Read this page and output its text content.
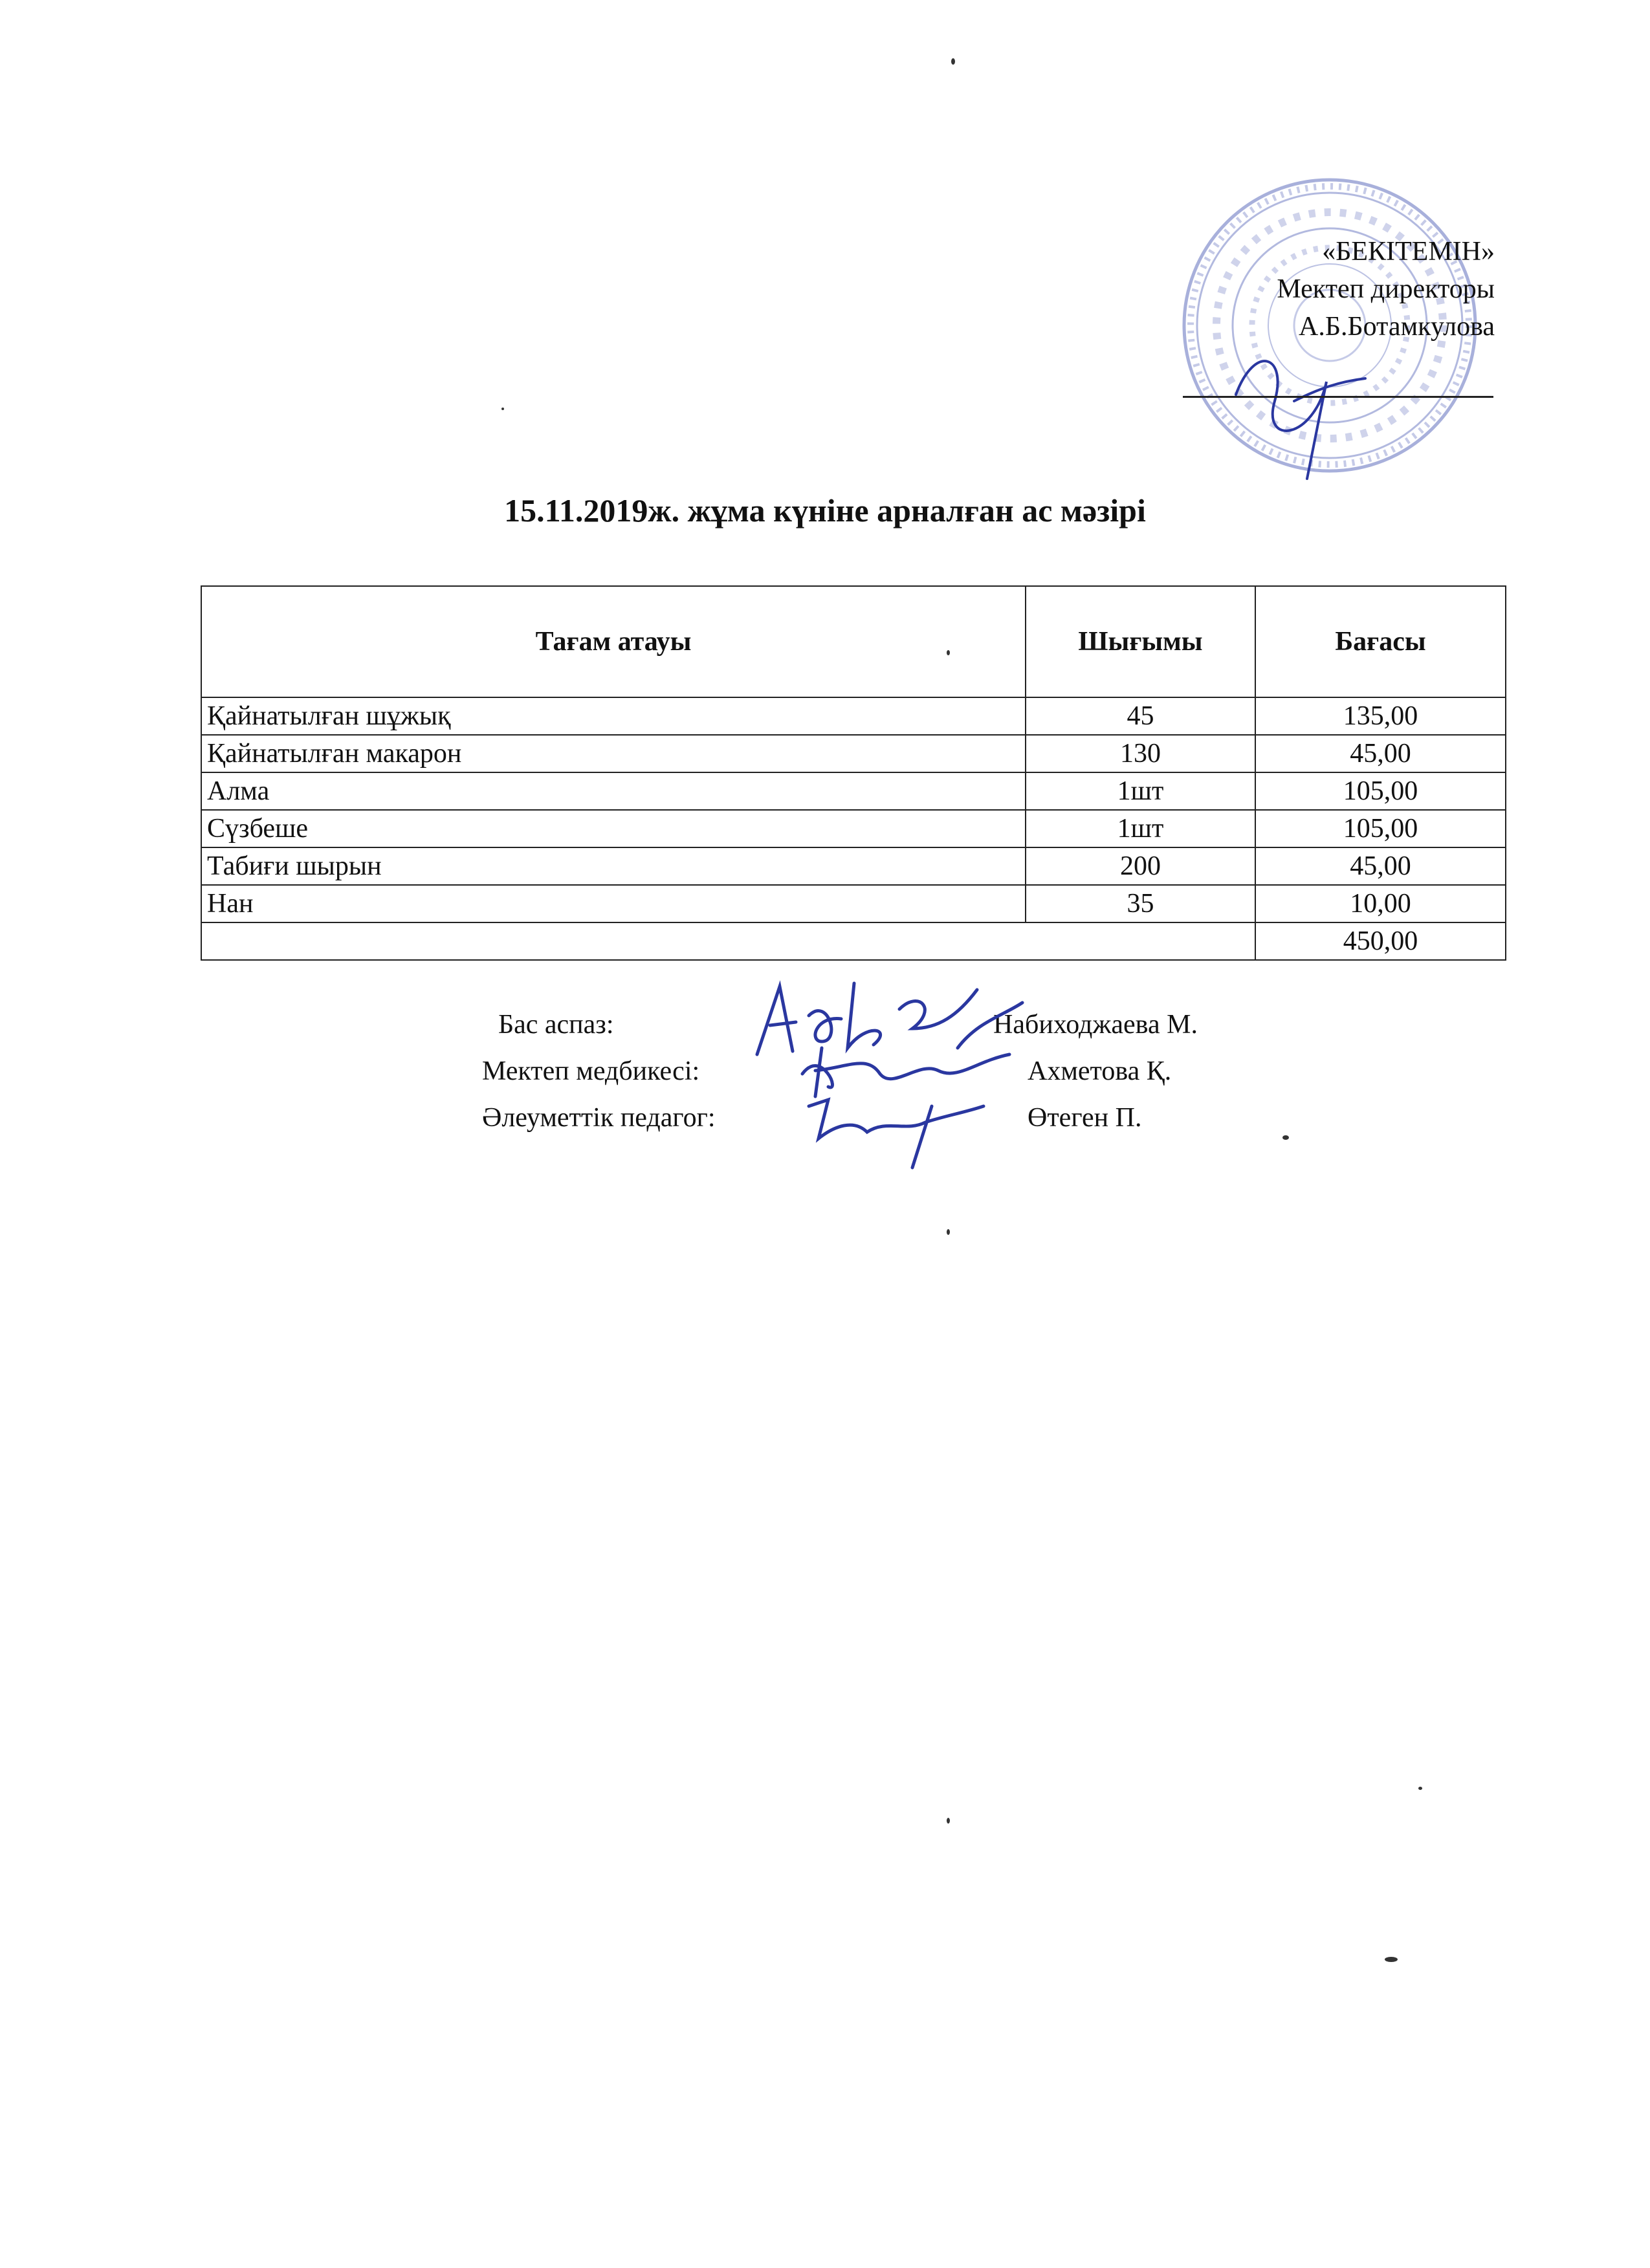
«БЕКІТЕМІН»
Мектеп директоры
А.Б.Ботамкулова
15.11.2019ж. жұма күніне арналған ас мәзірі
Тағам атауы	Шығымы	Бағасы
Қайнатылған шұжық	45	135,00
Қайнатылған макарон	130	45,00
Алма	1шт	105,00
Сүзбеше	1шт	105,00
Табиғи шырын	200	45,00
Нан	35	10,00
		450,00
Бас аспаз:	Набиходжаева М.
Мектеп медбикесі:	Ахметова Қ.
Әлеуметтік педагог:	Өтеген П.
